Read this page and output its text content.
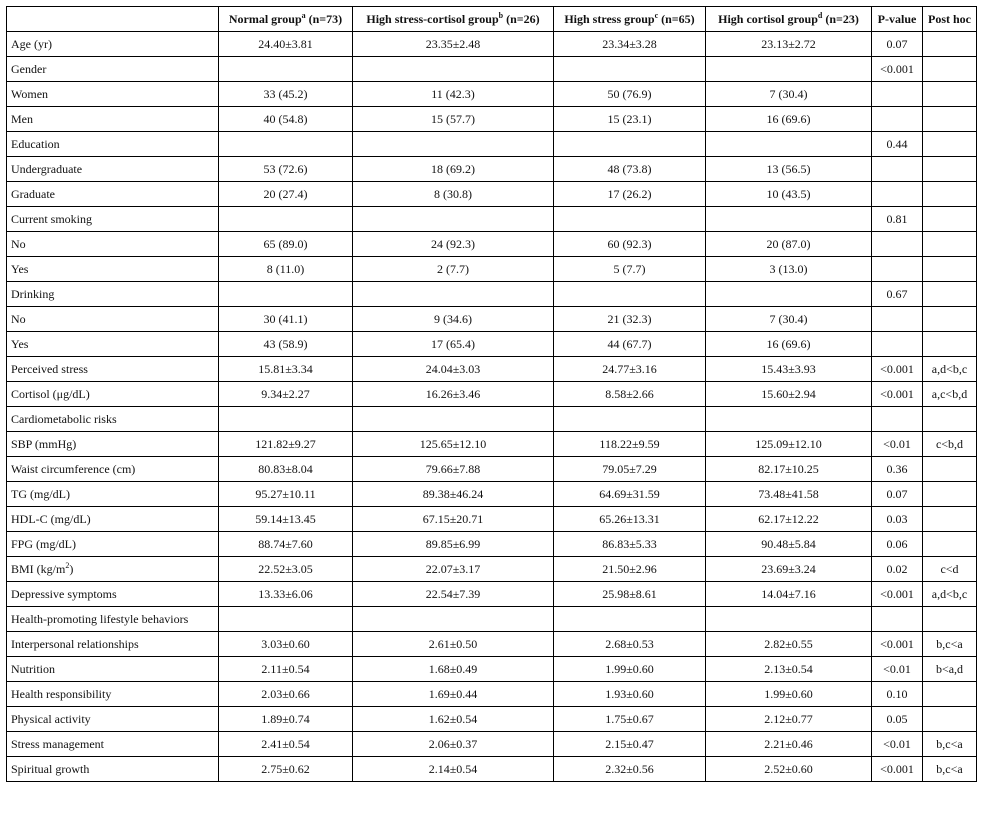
	Normal group$^a$ (n=73)	High stress-cortisol group$^b$ (n=26)	High stress group$^c$ (n=65)	High cortisol group$^d$ (n=23)	P-value	Post hoc
Age (yr)	24.40±3.81	23.35±2.48	23.34±3.28	23.13±2.72	0.07	
Gender					<0.001	
Women	33 (45.2)	11 (42.3)	50 (76.9)	7 (30.4)		
Men	40 (54.8)	15 (57.7)	15 (23.1)	16 (69.6)		
Education					0.44	
Undergraduate	53 (72.6)	18 (69.2)	48 (73.8)	13 (56.5)		
Graduate	20 (27.4)	8 (30.8)	17 (26.2)	10 (43.5)		
Current smoking					0.81	
No	65 (89.0)	24 (92.3)	60 (92.3)	20 (87.0)		
Yes	8 (11.0)	2 (7.7)	5 (7.7)	3 (13.0)		
Drinking					0.67	
No	30 (41.1)	9 (34.6)	21 (32.3)	7 (30.4)		
Yes	43 (58.9)	17 (65.4)	44 (67.7)	16 (69.6)		
Perceived stress	15.81±3.34	24.04±3.03	24.77±3.16	15.43±3.93	<0.001	a,d<b,c
Cortisol (μg/dL)	9.34±2.27	16.26±3.46	8.58±2.66	15.60±2.94	<0.001	a,c<b,d
Cardiometabolic risks						
SBP (mmHg)	121.82±9.27	125.65±12.10	118.22±9.59	125.09±12.10	<0.01	c<b,d
Waist circumference (cm)	80.83±8.04	79.66±7.88	79.05±7.29	82.17±10.25	0.36	
TG (mg/dL)	95.27±10.11	89.38±46.24	64.69±31.59	73.48±41.58	0.07	
HDL-C (mg/dL)	59.14±13.45	67.15±20.71	65.26±13.31	62.17±12.22	0.03	
FPG (mg/dL)	88.74±7.60	89.85±6.99	86.83±5.33	90.48±5.84	0.06	
BMI $(kg/m^2)$	22.52±3.05	22.07±3.17	21.50±2.96	23.69±3.24	0.02	c<d
Depressive symptoms	13.33±6.06	22.54±7.39	25.98±8.61	14.04±7.16	<0.001	a,d<b,c
Health-promoting lifestyle behaviors						
Interpersonal relationships	3.03±0.60	2.61±0.50	2.68±0.53	2.82±0.55	<0.001	b,c<a
Nutrition	2.11±0.54	1.68±0.49	1.99±0.60	2.13±0.54	<0.01	b<a,d
Health responsibility	2.03±0.66	1.69±0.44	1.93±0.60	1.99±0.60	0.10	
Physical activity	1.89±0.74	1.62±0.54	1.75±0.67	2.12±0.77	0.05	
Stress management	2.41±0.54	2.06±0.37	2.15±0.47	2.21±0.46	<0.01	b,c<a
Spiritual growth	2.75±0.62	2.14±0.54	2.32±0.56	2.52±0.60	<0.001	b,c<a
